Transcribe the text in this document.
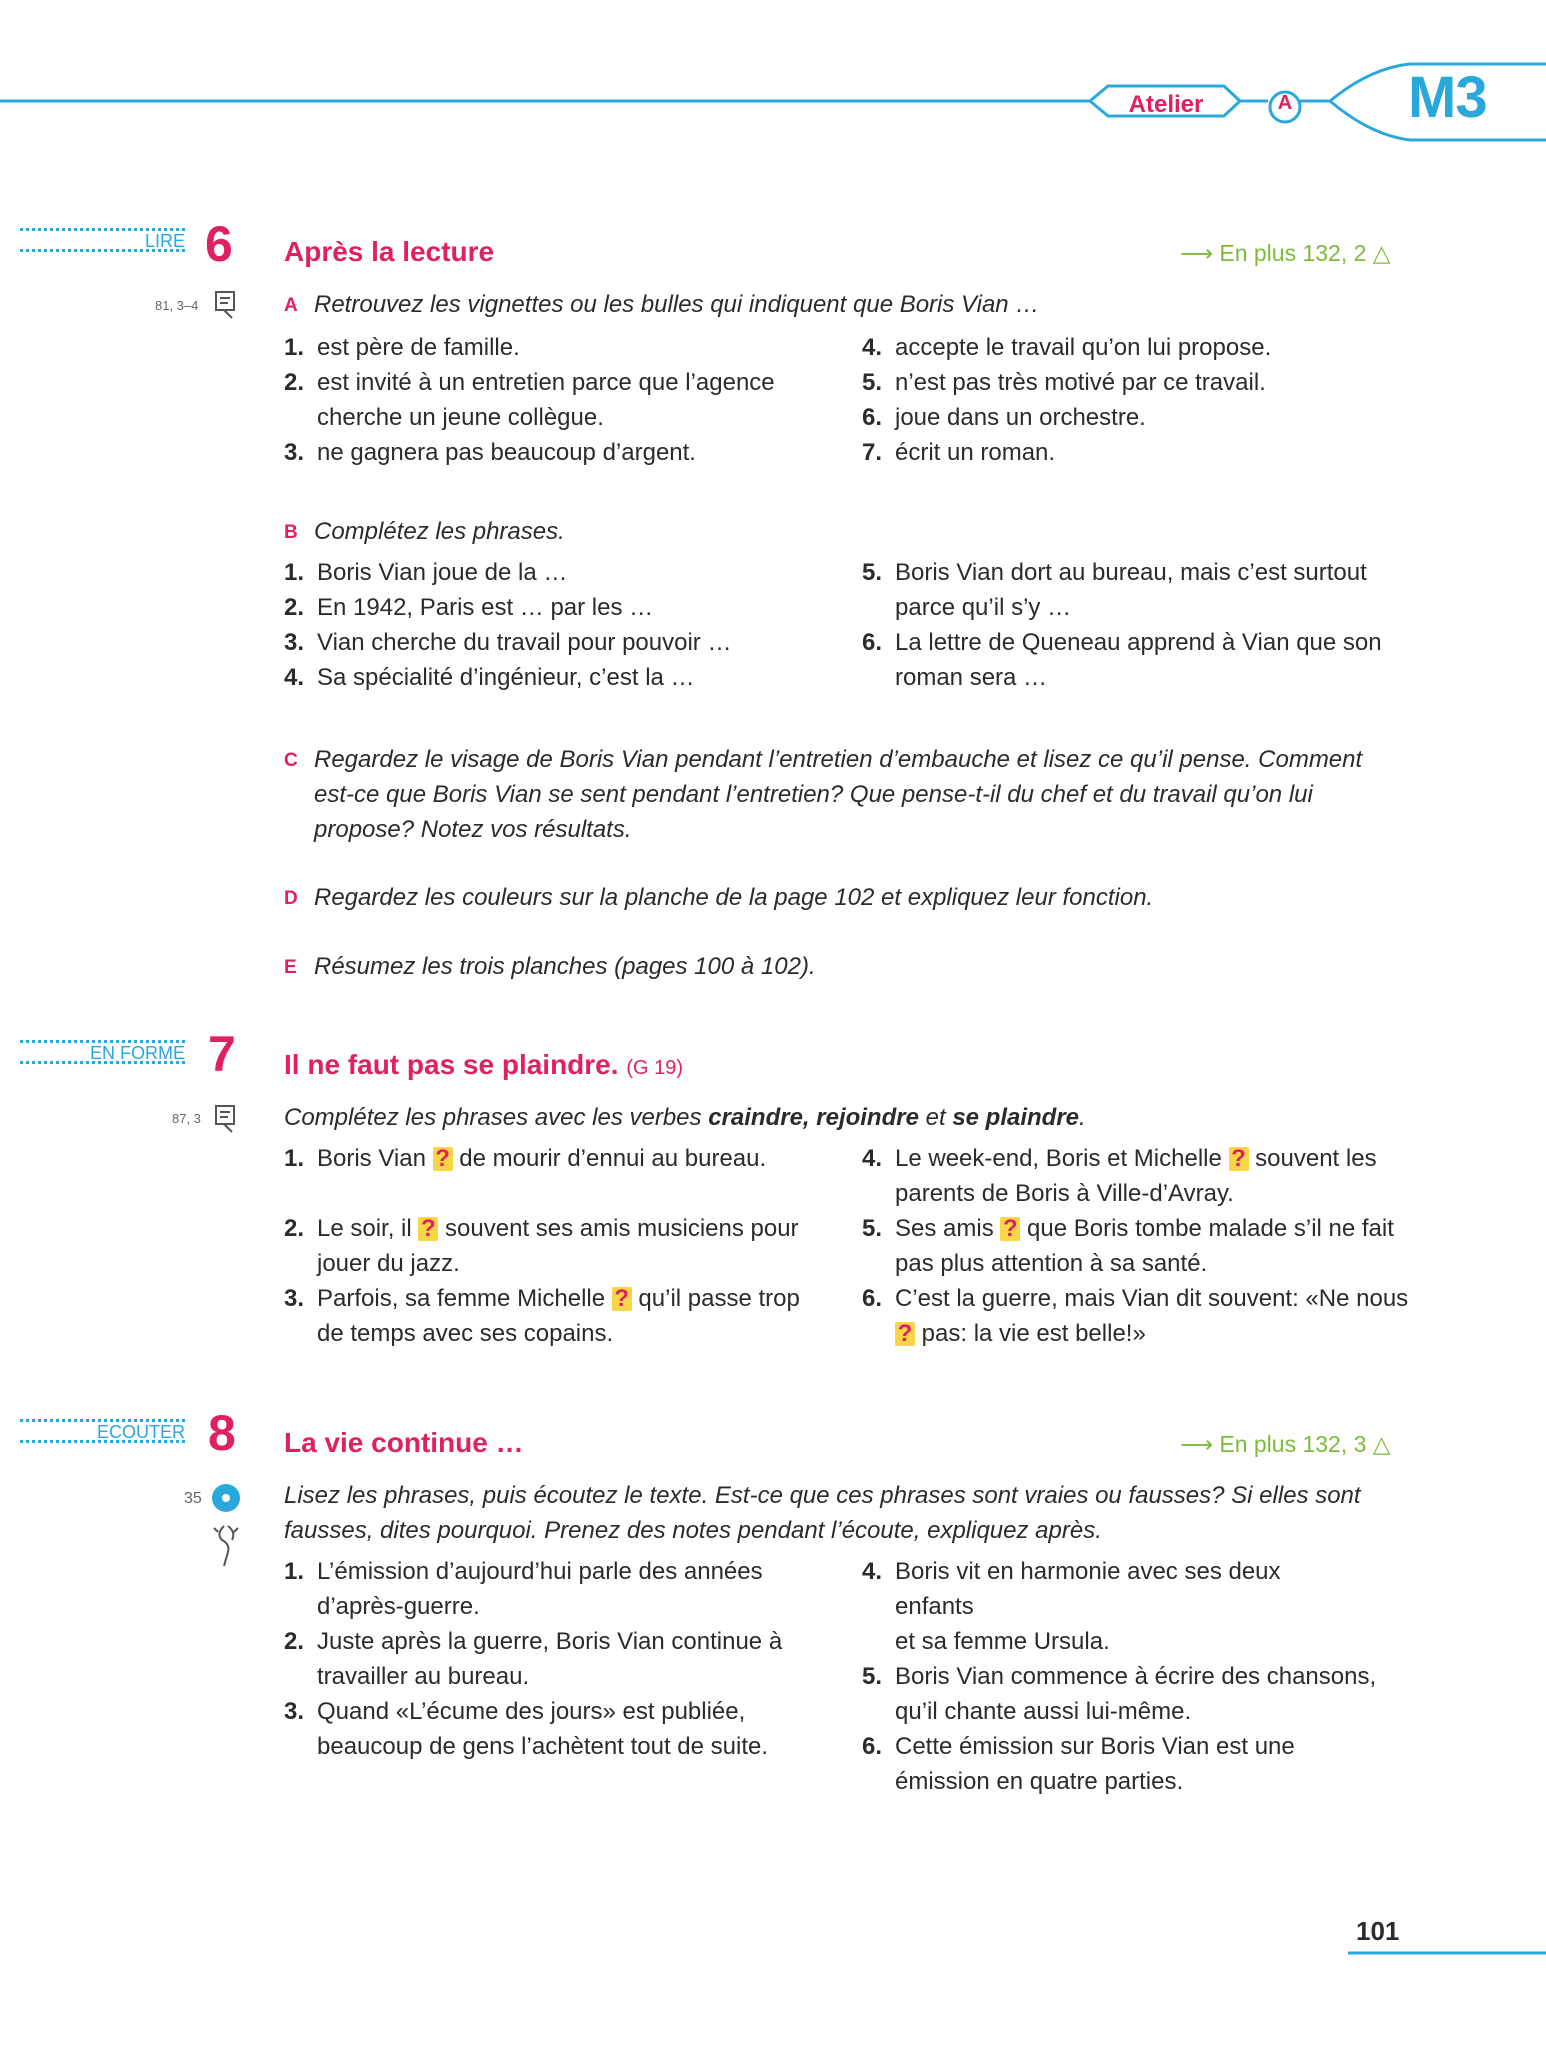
Atelier	A M3
LIRE 6 Après la lecture	⟶ En plus 132, 2 △
81, 3–4	A Retrouvez les vignettes ou les bulles qui indiquent que Boris Vian …
1. est père de famille.
2. est invité à un entretien parce que l’agence cherche un jeune collègue.
3. ne gagnera pas beaucoup d’argent.
4. accepte le travail qu’on lui propose.
5. n’est pas très motivé par ce travail.
6. joue dans un orchestre.
7. écrit un roman.
B Complétez les phrases.
1. Boris Vian joue de la …
2. En 1942, Paris est … par les …
3. Vian cherche du travail pour pouvoir …
4. Sa spécialité d’ingénieur, c’est la …
5. Boris Vian dort au bureau, mais c’est surtout parce qu’il s’y …
6. La lettre de Queneau apprend à Vian que son roman sera …
C Regardez le visage de Boris Vian pendant l’entretien d’embauche et lisez ce qu’il pense. Comment est-ce que Boris Vian se sent pendant l’entretien? Que pense-t-il du chef et du travail qu’on lui propose? Notez vos résultats.
D Regardez les couleurs sur la planche de la page 102 et expliquez leur fonction.
E Résumez les trois planches (pages 100 à 102).
EN FORME 7 Il ne faut pas se plaindre. (G 19)
87, 3	Complétez les phrases avec les verbes craindre, rejoindre et se plaindre.
1. Boris Vian ? de mourir d’ennui au bureau.
2. Le soir, il ? souvent ses amis musiciens pour jouer du jazz.
3. Parfois, sa femme Michelle ? qu’il passe trop de temps avec ses copains.
4. Le week-end, Boris et Michelle ? souvent les parents de Boris à Ville-d’Avray.
5. Ses amis ? que Boris tombe malade s’il ne fait pas plus attention à sa santé.
6. C’est la guerre, mais Vian dit souvent: «Ne nous ? pas: la vie est belle!»
ECOUTER 8 La vie continue …	⟶ En plus 132, 3 △
35	Lisez les phrases, puis écoutez le texte. Est-ce que ces phrases sont vraies ou fausses? Si elles sont fausses, dites pourquoi. Prenez des notes pendant l’écoute, expliquez après.
1. L’émission d’aujourd’hui parle des années d’après-guerre.
2. Juste après la guerre, Boris Vian continue à travailler au bureau.
3. Quand «L’écume des jours» est publiée, beaucoup de gens l’achètent tout de suite.
4. Boris vit en harmonie avec ses deux enfants
et sa femme Ursula.
5. Boris Vian commence à écrire des chansons, qu’il chante aussi lui-même.
6. Cette émission sur Boris Vian est une émission en quatre parties.
101
